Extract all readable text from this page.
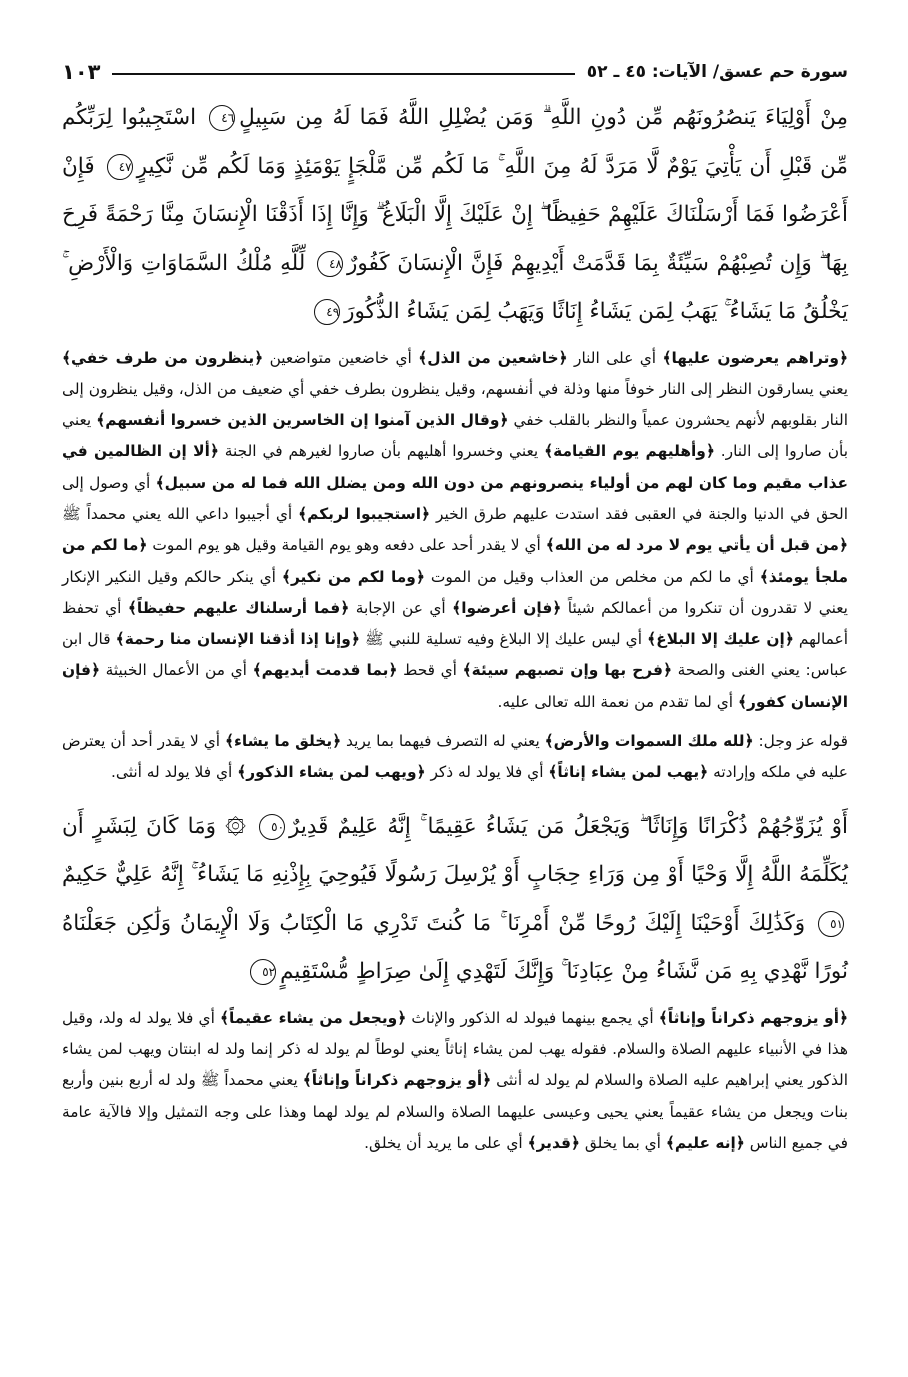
سورة حم عسق/ الآيات: ٤٥ ـ ٥٢
١٠٣
مِنْ أَوْلِيَاءَ يَنصُرُونَهُم مِّن دُونِ اللَّهِ ۗ وَمَن يُضْلِلِ اللَّهُ فَمَا لَهُ مِن سَبِيلٍ٤٦ اسْتَجِيبُوا لِرَبِّكُم مِّن قَبْلِ أَن يَأْتِيَ يَوْمٌ لَّا مَرَدَّ لَهُ مِنَ اللَّهِ ۚ مَا لَكُم مِّن مَّلْجَإٍ يَوْمَئِذٍ وَمَا لَكُم مِّن نَّكِيرٍ٤٧ فَإِنْ أَعْرَضُوا فَمَا أَرْسَلْنَاكَ عَلَيْهِمْ حَفِيظًا ۖ إِنْ عَلَيْكَ إِلَّا الْبَلَاغُ ۗ وَإِنَّا إِذَا أَذَقْنَا الْإِنسَانَ مِنَّا رَحْمَةً فَرِحَ بِهَا ۖ وَإِن تُصِبْهُمْ سَيِّئَةٌ بِمَا قَدَّمَتْ أَيْدِيهِمْ فَإِنَّ الْإِنسَانَ كَفُورٌ٤٨ لِّلَّهِ مُلْكُ السَّمَاوَاتِ وَالْأَرْضِ ۚ يَخْلُقُ مَا يَشَاءُ ۚ يَهَبُ لِمَن يَشَاءُ إِنَاثًا وَيَهَبُ لِمَن يَشَاءُ الذُّكُورَ٤٩

﴿وتراهم يعرضون عليها﴾ أي على النار ﴿خاشعين من الذل﴾ أي خاضعين متواضعين ﴿ينظرون من طرف خفي﴾ يعني يسارقون النظر إلى النار خوفاً منها وذلة في أنفسهم، وقيل ينظرون بطرف خفي أي ضعيف من الذل، وقيل ينظرون إلى النار بقلوبهم لأنهم يحشرون عمياً والنظر بالقلب خفي ﴿وقال الذين آمنوا إن الخاسرين الذين خسروا أنفسهم﴾ يعني بأن صاروا إلى النار. ﴿وأهليهم يوم القيامة﴾ يعني وخسروا أهليهم بأن صاروا لغيرهم في الجنة ﴿ألا إن الظالمين في عذاب مقيم وما كان لهم من أولياء ينصرونهم من دون الله ومن يضلل الله فما له من سبيل﴾ أي وصول إلى الحق في الدنيا والجنة في العقبى فقد استدت عليهم طرق الخير ﴿استجيبوا لربكم﴾ أي أجيبوا داعي الله يعني محمداً ﷺ ﴿من قبل أن يأتي يوم لا مرد له من الله﴾ أي لا يقدر أحد على دفعه وهو يوم القيامة وقيل هو يوم الموت ﴿ما لكم من ملجأ يومئذ﴾ أي ما لكم من مخلص من العذاب وقيل من الموت ﴿وما لكم من نكير﴾ أي ينكر حالكم وقيل النكير الإنكار يعني لا تقدرون أن تنكروا من أعمالكم شيئاً ﴿فإن أعرضوا﴾ أي عن الإجابة ﴿فما أرسلناك عليهم حفيظاً﴾ أي تحفظ أعمالهم ﴿إن عليك إلا البلاغ﴾ أي ليس عليك إلا البلاغ وفيه تسلية للنبي ﷺ ﴿وإنا إذا أذقنا الإنسان منا رحمة﴾ قال ابن عباس: يعني الغنى والصحة ﴿فرح بها وإن تصبهم سيئة﴾ أي قحط ﴿بما قدمت أيديهم﴾ أي من الأعمال الخبيثة ﴿فإن الإنسان كفور﴾ أي لما تقدم من نعمة الله تعالى عليه.

قوله عز وجل: ﴿لله ملك السموات والأرض﴾ يعني له التصرف فيهما بما يريد ﴿يخلق ما يشاء﴾ أي لا يقدر أحد أن يعترض عليه في ملكه وإرادته ﴿يهب لمن يشاء إناثاً﴾ أي فلا يولد له ذكر ﴿ويهب لمن يشاء الذكور﴾ أي فلا يولد له أنثى.

أَوْ يُزَوِّجُهُمْ ذُكْرَانًا وَإِنَاثًا ۖ وَيَجْعَلُ مَن يَشَاءُ عَقِيمًا ۚ إِنَّهُ عَلِيمٌ قَدِيرٌ٥٠ ۞ وَمَا كَانَ لِبَشَرٍ أَن يُكَلِّمَهُ اللَّهُ إِلَّا وَحْيًا أَوْ مِن وَرَاءِ حِجَابٍ أَوْ يُرْسِلَ رَسُولًا فَيُوحِيَ بِإِذْنِهِ مَا يَشَاءُ ۚ إِنَّهُ عَلِيٌّ حَكِيمٌ٥١ وَكَذَٰلِكَ أَوْحَيْنَا إِلَيْكَ رُوحًا مِّنْ أَمْرِنَا ۚ مَا كُنتَ تَدْرِي مَا الْكِتَابُ وَلَا الْإِيمَانُ وَلَٰكِن جَعَلْنَاهُ نُورًا نَّهْدِي بِهِ مَن نَّشَاءُ مِنْ عِبَادِنَا ۚ وَإِنَّكَ لَتَهْدِي إِلَىٰ صِرَاطٍ مُّسْتَقِيمٍ٥٢

﴿أو يزوجهم ذكراناً وإناثاً﴾ أي يجمع بينهما فيولد له الذكور والإناث ﴿ويجعل من يشاء عقيماً﴾ أي فلا يولد له ولد، وقيل هذا في الأنبياء عليهم الصلاة والسلام. فقوله يهب لمن يشاء إناثاً يعني لوطاً لم يولد له ذكر إنما ولد له ابنتان ويهب لمن يشاء الذكور يعني إبراهيم عليه الصلاة والسلام لم يولد له أنثى ﴿أو يزوجهم ذكراناً وإناثاً﴾ يعني محمداً ﷺ ولد له أربع بنين وأربع بنات ويجعل من يشاء عقيماً يعني يحيى وعيسى عليهما الصلاة والسلام لم يولد لهما وهذا على وجه التمثيل وإلا فالآية عامة في جميع الناس ﴿إنه عليم﴾ أي بما يخلق ﴿قدير﴾ أي على ما يريد أن يخلق.
